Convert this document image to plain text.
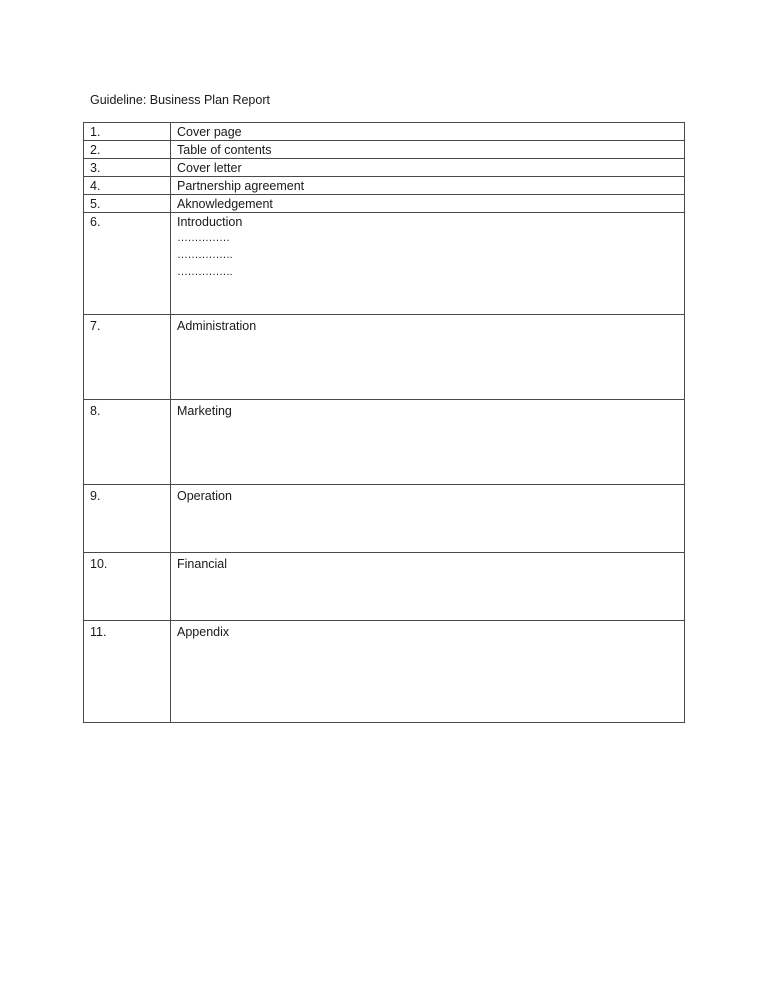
Guideline: Business Plan Report
1.	Cover page
2.	Table of contents
3.	Cover letter
4.	Partnership agreement
5.	Aknowledgement
6.	Introduction
……………
…………….
…………….

7.	Administration
8.	Marketing
9.	Operation
10.	Financial
11.	Appendix
